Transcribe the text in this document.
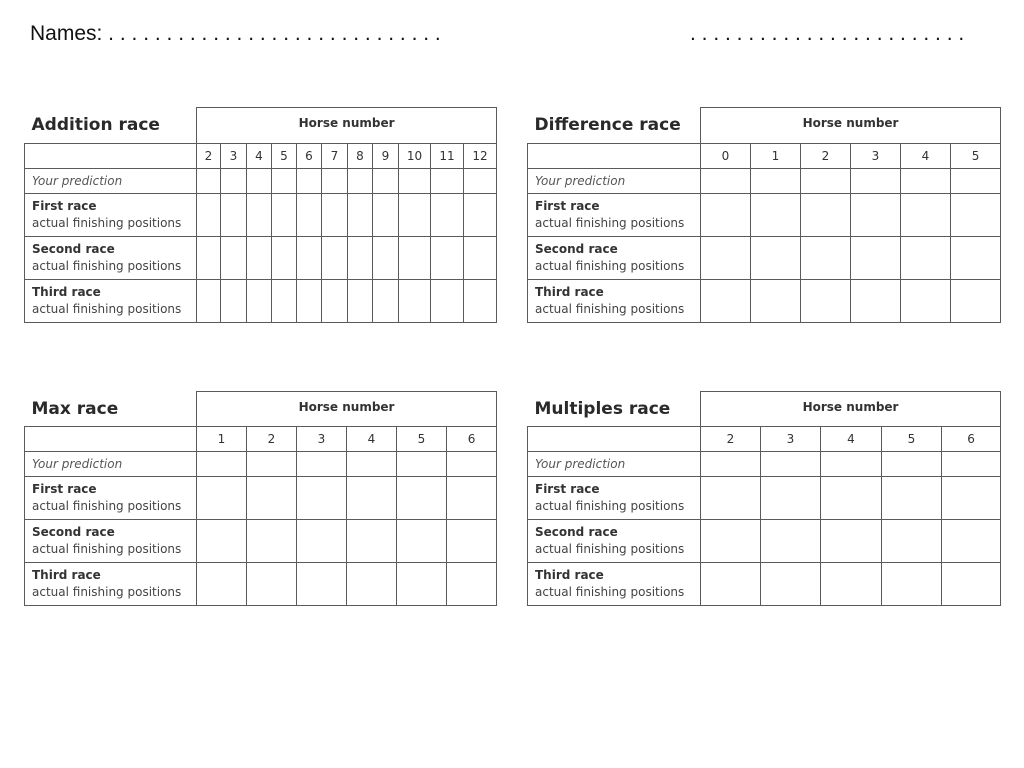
Names: . . . . . . . . . . . . . . . . . . . . . . . . . . . . .	. . . . . . . . . . . . . . . . . . . . . . . .
Addition race	Horse number										
	2	3	4	5	6	7	8	9	10	11	12
Your prediction											

First race
actual finishing positions											

Second race
actual finishing positions											

Third race
actual finishing positions											

Difference race	Horse number					
	0	1	2	3	4	5
Your prediction						

First race
actual finishing positions						

Second race
actual finishing positions						

Third race
actual finishing positions						

Max race	Horse number					
	1	2	3	4	5	6
Your prediction						

First race
actual finishing positions						

Second race
actual finishing positions						

Third race
actual finishing positions						

Multiples race	Horse number				
	2	3	4	5	6
Your prediction					

First race
actual finishing positions					

Second race
actual finishing positions					

Third race
actual finishing positions					
